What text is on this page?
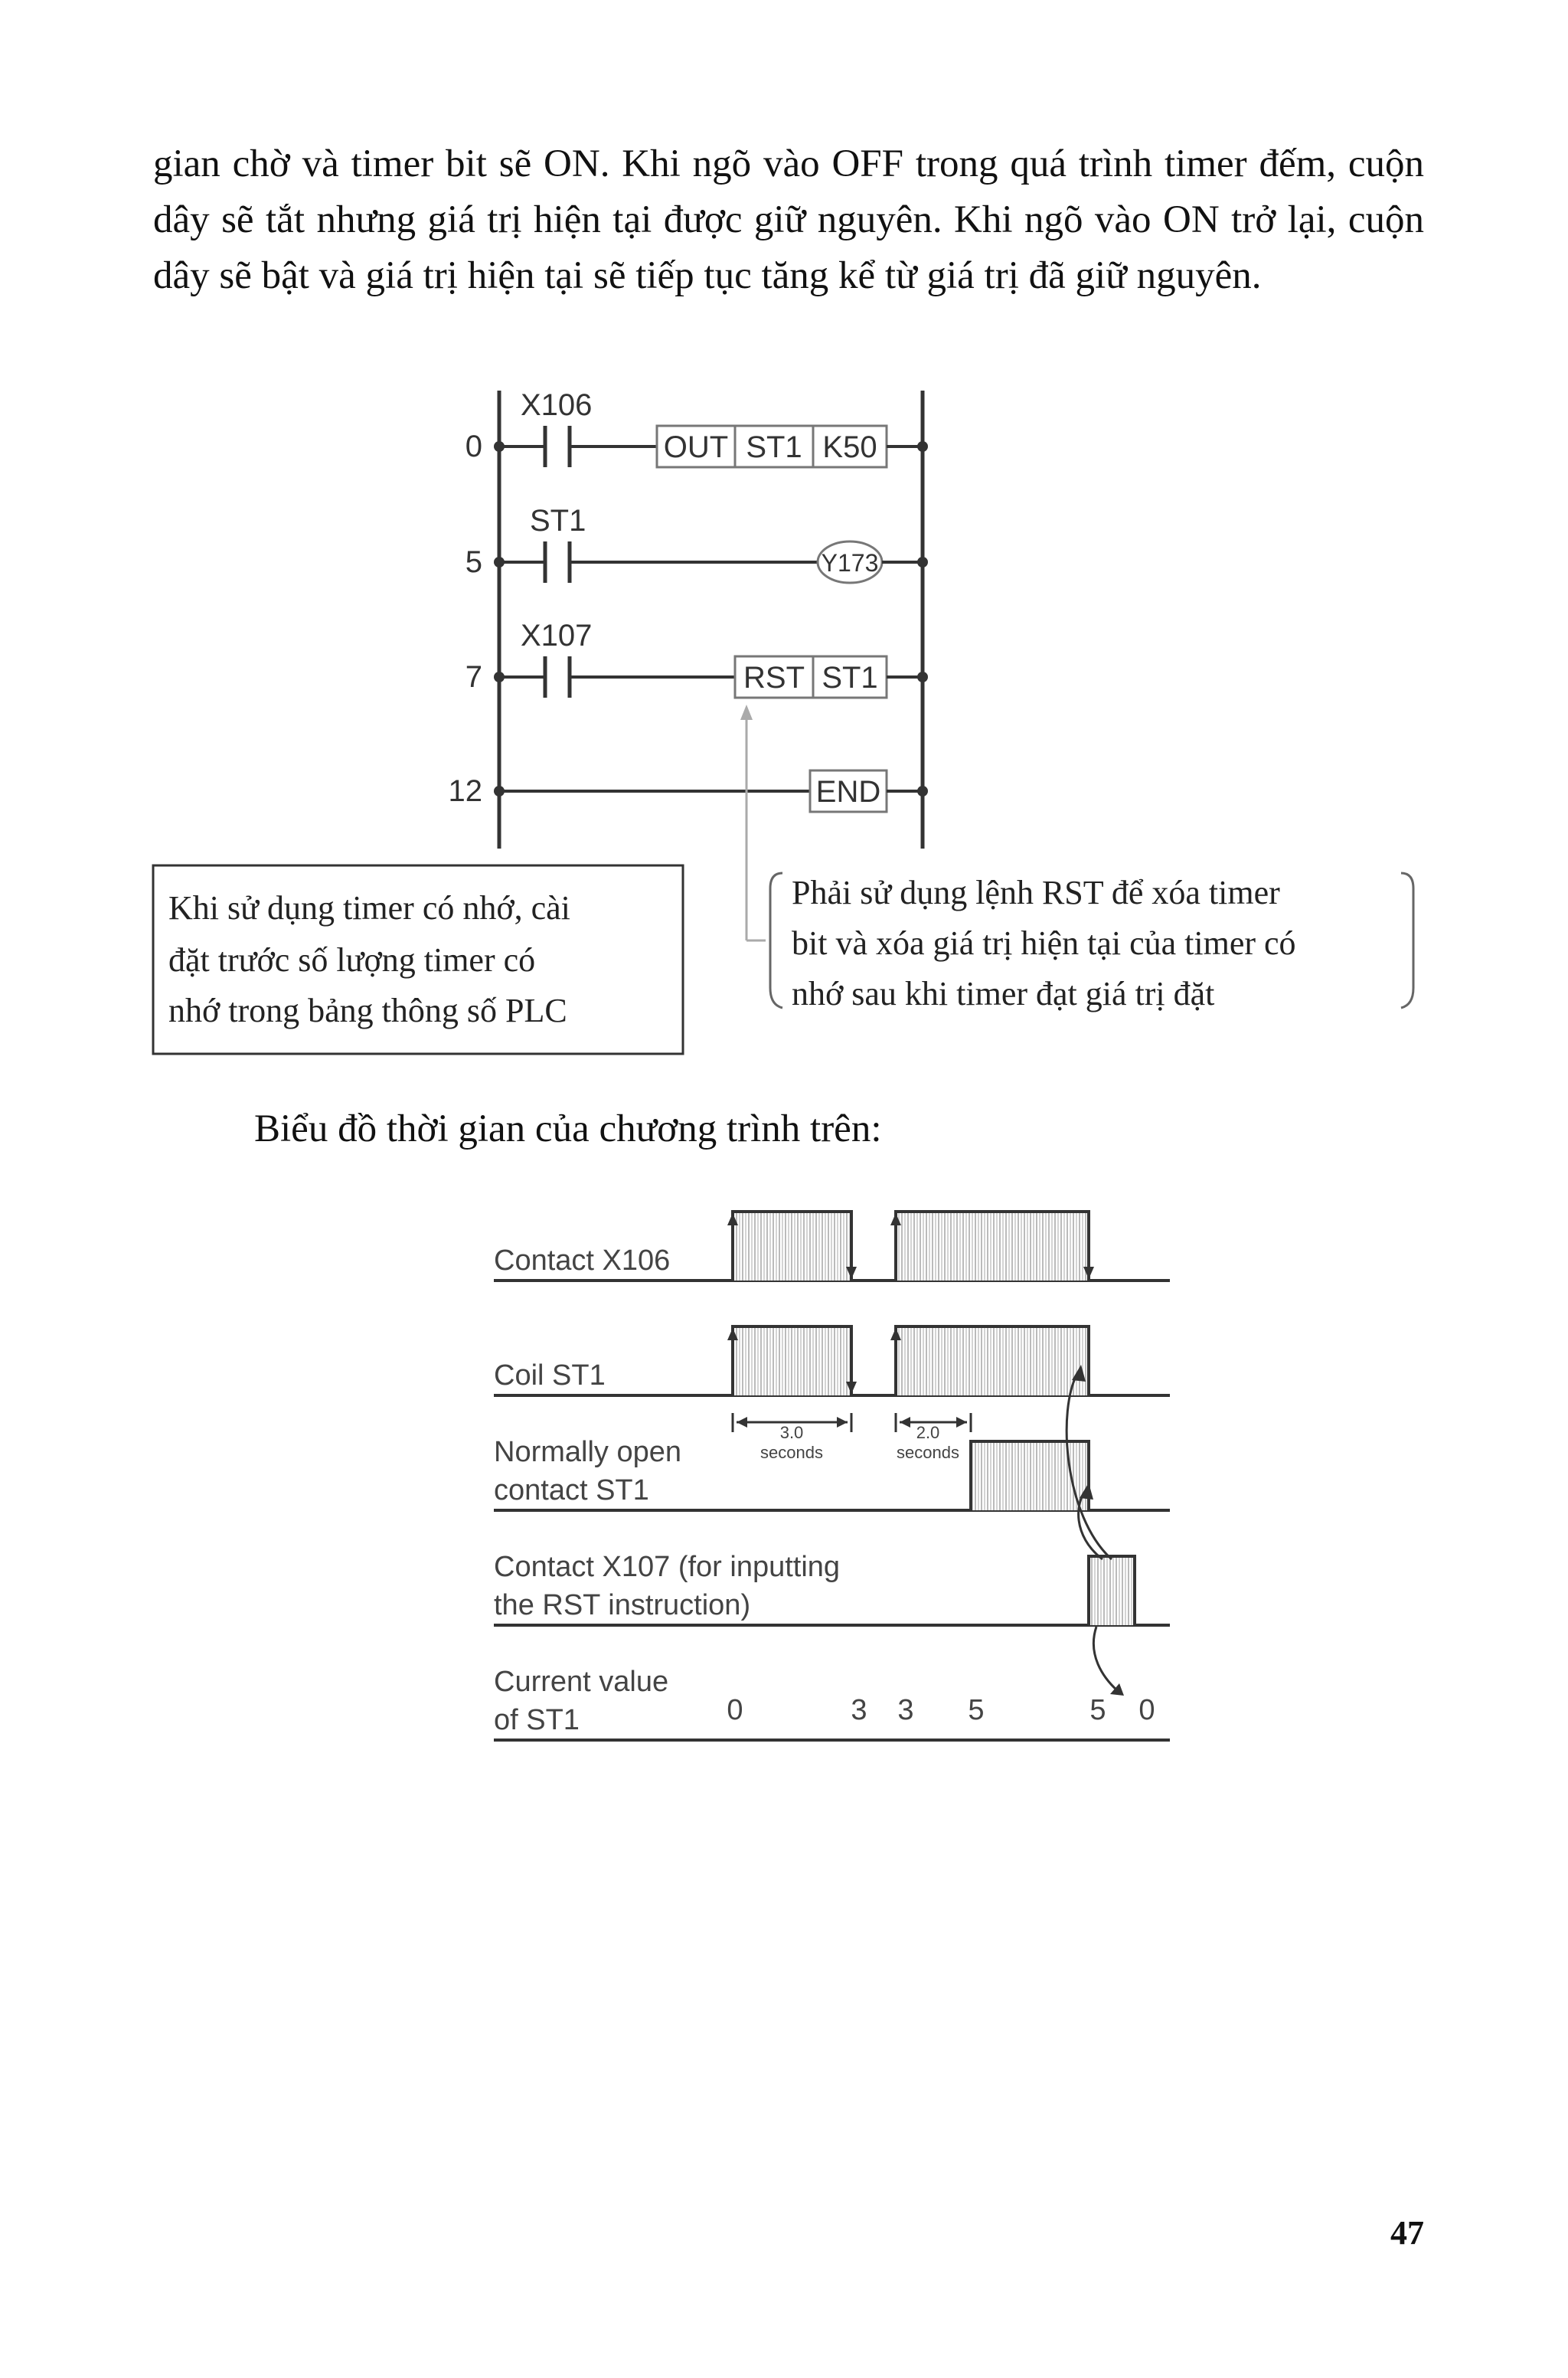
gian chờ và timer bit sẽ ON. Khi ngõ vào OFF trong quá trình timer đếm, cuộn dây sẽ tắt nhưng giá trị hiện tại được giữ nguyên. Khi ngõ vào ON trở lại, cuộn dây sẽ bật và giá trị hiện tại sẽ tiếp tục tăng kể từ giá trị đã giữ nguyên.

0
5
7
12
X106
OUT ST1 K50
ST1
Y173
X107
RST ST1
END
Khi sử dụng timer có nhớ, cài
đặt trước số lượng timer có
nhớ trong bảng thông số PLC
Phải sử dụng lệnh RST để xóa timer
bit và xóa giá trị hiện tại của timer có
nhớ sau khi timer đạt giá trị đặt
Contact X106
Coil ST1
3.0
seconds
2.0
seconds
Normally open
contact ST1
Contact X107 (for inputting
the RST instruction)
Current value
of ST1	0	3 3 5	5 0

Biểu đồ thời gian của chương trình trên:

47
